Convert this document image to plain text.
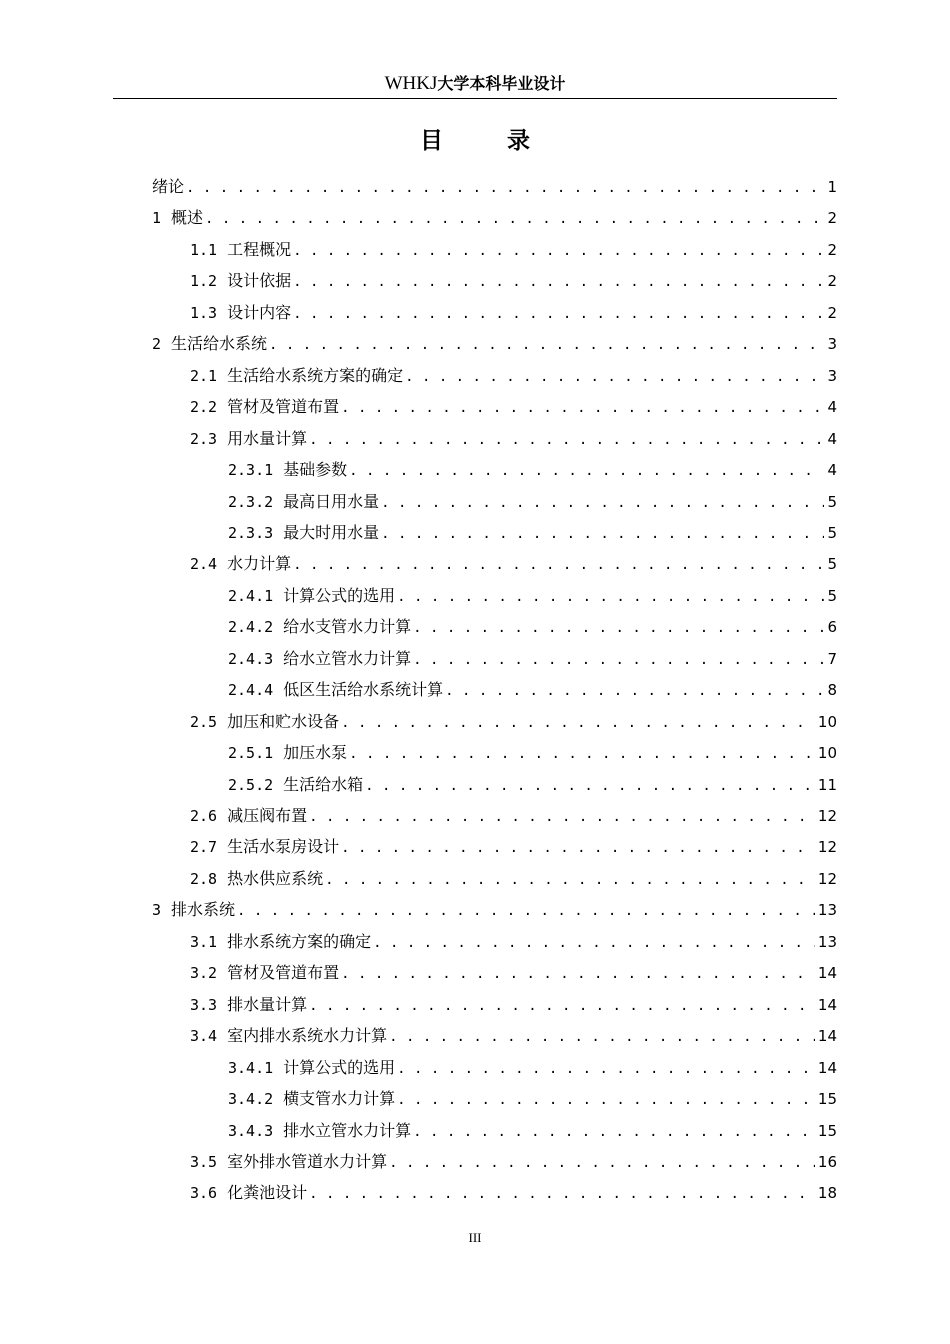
WHKJ大学本科毕业设计
目 录
绪论 . . .	1
1 概述 . . .	2
1.1 工程概况 . . .	2
1.2 设计依据 . . .	2
1.3 设计内容 . . .	2
2 生活给水系统 . . .	3
2.1 生活给水系统方案的确定 . . .	3
2.2 管材及管道布置 . . .	4
2.3 用水量计算 . . .	4
2.3.1 基础参数 . . .	4
2.3.2 最高日用水量 . . .	5
2.3.3 最大时用水量 . . .	5
2.4 水力计算 . . .	5
2.4.1 计算公式的选用 . . .	5
2.4.2 给水支管水力计算 . . .	6
2.4.3 给水立管水力计算 . . .	7
2.4.4 低区生活给水系统计算 . . .	8
2.5 加压和贮水设备 . . .	10
2.5.1 加压水泵 . . .	10
2.5.2 生活给水箱 . . .	11
2.6 减压阀布置 . . .	12
2.7 生活水泵房设计 . . .	12
2.8 热水供应系统 . . .	12
3 排水系统 . . .	13
3.1 排水系统方案的确定 . . .	13
3.2 管材及管道布置 . . .	14
3.3 排水量计算 . . .	14
3.4 室内排水系统水力计算 . . .	14
3.4.1 计算公式的选用 . . .	14
3.4.2 横支管水力计算 . . .	15
3.4.3 排水立管水力计算 . . .	15
3.5 室外排水管道水力计算 . . .	16
3.6 化粪池设计 . . .	18
III
